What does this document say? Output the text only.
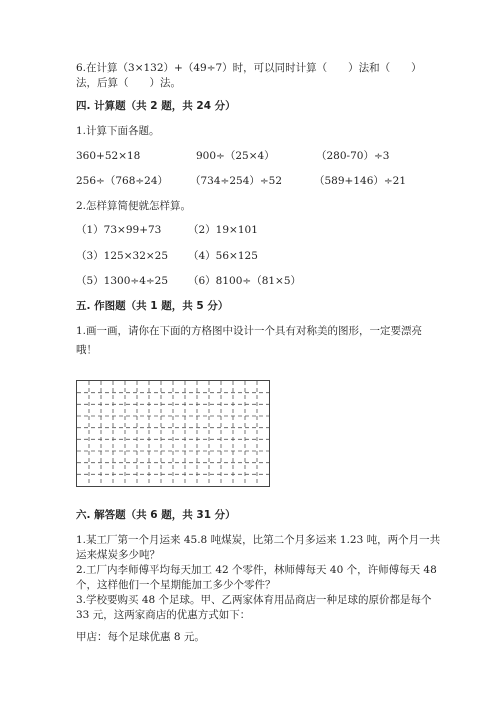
6.在计算（3×132）+（49÷7）时，可以同时计算（　　）法和（　　）
法，后算（　　）法。
四. 计算题（共 2 题，共 24 分）
1.计算下面各题。
360+52×18	900÷（25×4）	（280-70）÷3
256÷（768÷24） （734÷254）÷52	（589+146）÷21
2.怎样算简便就怎样算。
（1）73×99+73	（2）19×101
（3）125×32×25 （4）56×125
（5）1300÷4÷25 （6）8100÷（81×5）
五. 作图题（共 1 题，共 5 分）
1.画一画，请你在下面的方格图中设计一个具有对称美的图形，一定要漂亮
哦！
六. 解答题（共 6 题，共 31 分）
1.某工厂第一个月运来 45.8 吨煤炭，比第二个月多运来 1.23 吨，两个月一共
运来煤炭多少吨？
2.工厂内李师傅平均每天加工 42 个零件，林师傅每天 40 个，许师傅每天 48
个，这样他们一个星期能加工多少个零件？
3.学校要购买 48 个足球。甲、乙两家体育用品商店一种足球的原价都是每个
33 元，这两家商店的优惠方式如下：
甲店：每个足球优惠 8 元。
